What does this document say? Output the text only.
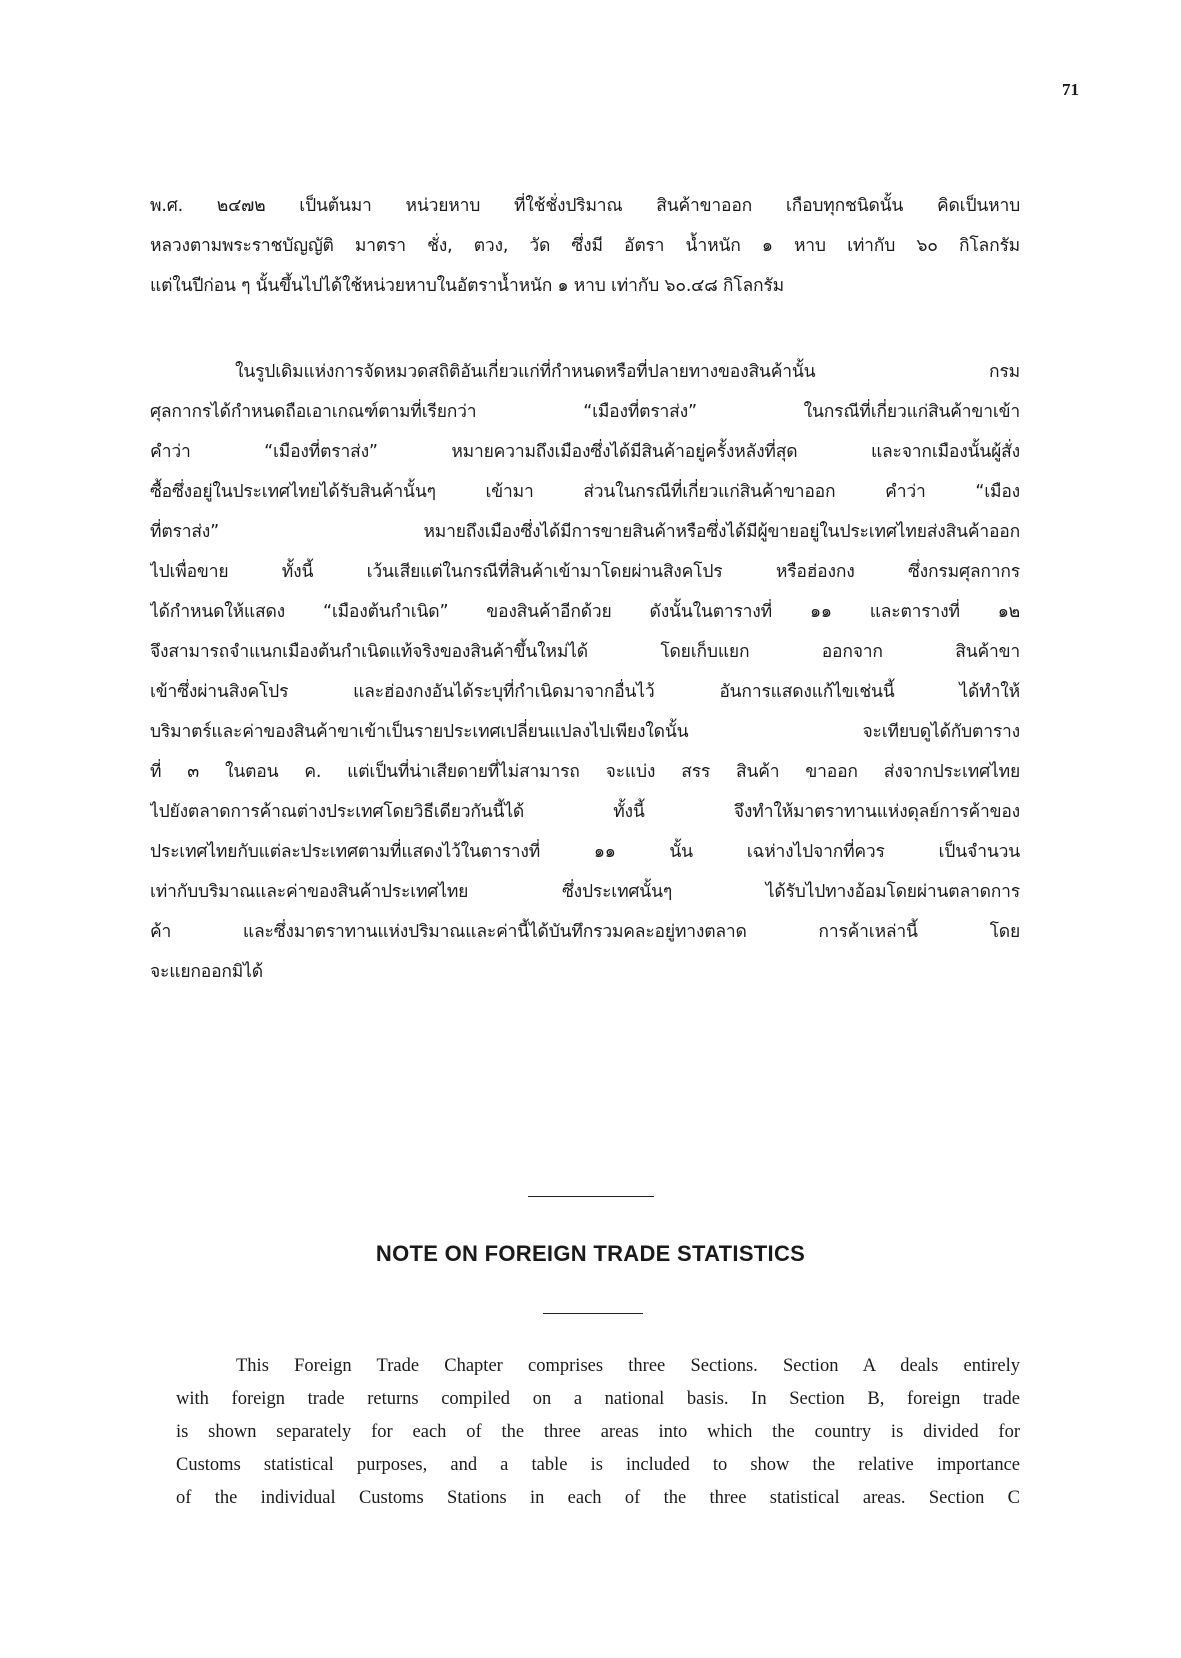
71
พ.ศ. ๒๔๗๒ เป็นต้นมา หน่วยหาบ ที่ใช้ชั่งปริมาณ สินค้าขาออก เกือบทุกชนิดนั้น คิดเป็นหาบ
หลวงตามพระราชบัญญัติ มาตรา ชั่ง, ตวง, วัด ซึ่งมี อัตรา น้ำหนัก ๑ หาบ เท่ากับ ๖๐ กิโลกรัม
แต่ในปีก่อน ๆ นั้นขึ้นไปได้ใช้หน่วยหาบในอัตราน้ำหนัก ๑ หาบ เท่ากับ ๖๐.๔๘ กิโลกรัม
ในรูปเดิมแห่งการจัดหมวดสถิติอันเกี่ยวแก่ที่กำหนดหรือที่ปลายทางของสินค้านั้น กรม
ศุลกากรได้กำหนดถือเอาเกณฑ์ตามที่เรียกว่า “เมืองที่ตราส่ง” ในกรณีที่เกี่ยวแก่สินค้าขาเข้า
คำว่า “เมืองที่ตราส่ง” หมายความถึงเมืองซึ่งได้มีสินค้าอยู่ครั้งหลังที่สุด และจากเมืองนั้นผู้สั่ง
ซื้อซึ่งอยู่ในประเทศไทยได้รับสินค้านั้นๆ เข้ามา ส่วนในกรณีที่เกี่ยวแก่สินค้าขาออก คำว่า “เมือง
ที่ตราส่ง” หมายถึงเมืองซึ่งได้มีการขายสินค้าหรือซึ่งได้มีผู้ขายอยู่ในประเทศไทยส่งสินค้าออก
ไปเพื่อขาย ทั้งนี้ เว้นเสียแต่ในกรณีที่สินค้าเข้ามาโดยผ่านสิงคโปร หรือฮ่องกง ซึ่งกรมศุลกากร
ได้กำหนดให้แสดง “เมืองต้นกำเนิด” ของสินค้าอีกด้วย ดังนั้นในตารางที่ ๑๑ และตารางที่ ๑๒
จึงสามารถจำแนกเมืองต้นกำเนิดแท้จริงของสินค้าขึ้นใหม่ได้ โดยเก็บแยก ออกจาก สินค้าขา
เข้าซึ่งผ่านสิงคโปร และฮ่องกงอันได้ระบุที่กำเนิดมาจากอื่นไว้ อันการแสดงแก้ไขเช่นนี้ ได้ทำให้
บริมาตร์และค่าของสินค้าขาเข้าเป็นรายประเทศเปลี่ยนแปลงไปเพียงใดนั้น จะเทียบดูได้กับตาราง
ที่ ๓ ในตอน ค. แต่เป็นที่น่าเสียดายที่ไม่สามารถ จะแบ่ง สรร สินค้า ขาออก ส่งจากประเทศไทย
ไปยังตลาดการค้าณต่างประเทศโดยวิธีเดียวกันนี้ได้ ทั้งนี้ จึงทำให้มาตราทานแห่งดุลย์การค้าของ
ประเทศไทยกับแต่ละประเทศตามที่แสดงไว้ในตารางที่ ๑๑ นั้น เฉห่างไปจากที่ควร เป็นจำนวน
เท่ากับบริมาณและค่าของสินค้าประเทศไทย ซึ่งประเทศนั้นๆ ได้รับไปทางอ้อมโดยผ่านตลาดการ
ค้า และซึ่งมาตราทานแห่งปริมาณและค่านี้ได้บันทึกรวมคละอยู่ทางตลาด การค้าเหล่านี้ โดย
จะแยกออกมิได้
NOTE ON FOREIGN TRADE STATISTICS
This Foreign Trade Chapter comprises three Sections. Section A deals entirely
with foreign trade returns compiled on a national basis. In Section B, foreign trade
is shown separately for each of the three areas into which the country is divided for
Customs statistical purposes, and a table is included to show the relative importance
of the individual Customs Stations in each of the three statistical areas. Section C
